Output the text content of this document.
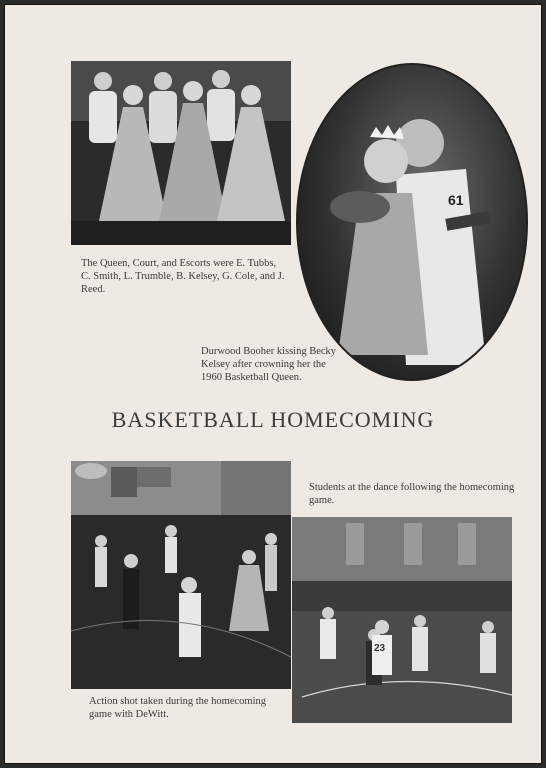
The Queen, Court, and Escorts were E. Tubbs, C. Smith, L. Trumble, B. Kelsey, G. Cole, and J. Reed.

61

Durwood Booher kissing Becky Kelsey after crowning her the 1960 Basketball Queen.

BASKETBALL HOMECOMING

Action shot taken during the homecoming game with DeWitt.

Students at the dance following the homecoming game.

23
